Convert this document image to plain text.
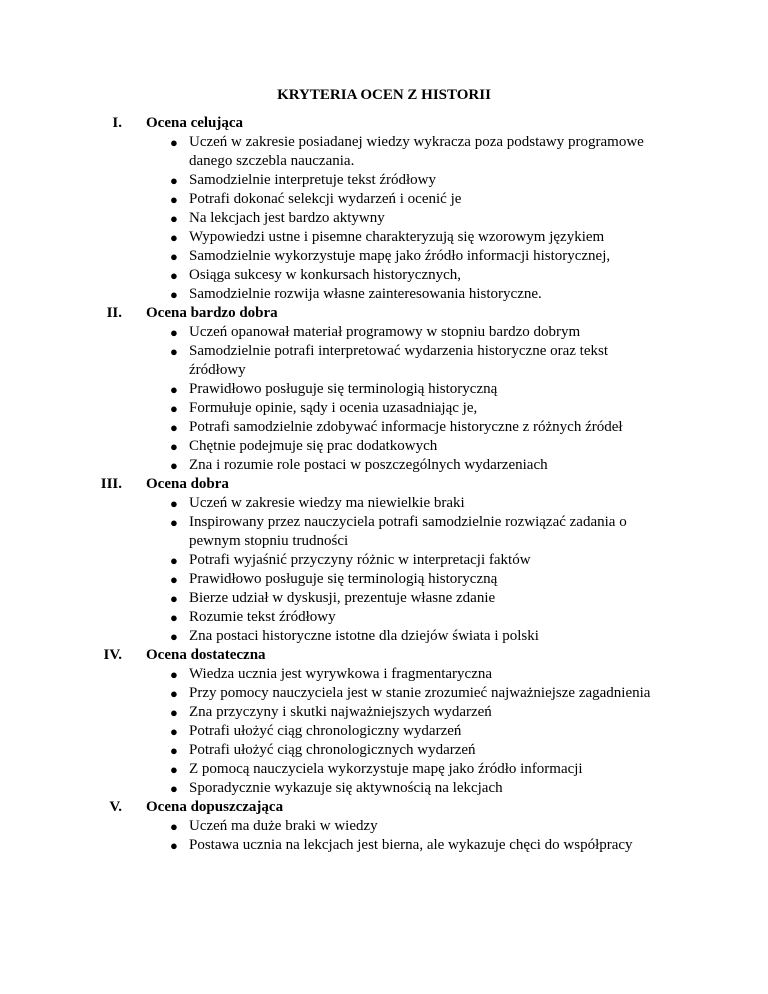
KRYTERIA OCEN Z HISTORII
I. Ocena celująca
● Uczeń w zakresie posiadanej wiedzy wykracza poza podstawy programowe
danego szczebla nauczania.
● Samodzielnie interpretuje tekst źródłowy
● Potrafi dokonać selekcji wydarzeń i ocenić je
● Na lekcjach jest bardzo aktywny
● Wypowiedzi ustne i pisemne charakteryzują się wzorowym językiem
● Samodzielnie wykorzystuje mapę jako źródło informacji historycznej,
● Osiąga sukcesy w konkursach historycznych,
● Samodzielnie rozwija własne zainteresowania historyczne.
II. Ocena bardzo dobra
● Uczeń opanował materiał programowy w stopniu bardzo dobrym
● Samodzielnie potrafi interpretować wydarzenia historyczne oraz tekst
źródłowy
● Prawidłowo posługuje się terminologią historyczną
● Formułuje opinie, sądy i ocenia uzasadniając je,
● Potrafi samodzielnie zdobywać informacje historyczne z różnych źródeł
● Chętnie podejmuje się prac dodatkowych
● Zna i rozumie role postaci w poszczególnych wydarzeniach
III. Ocena dobra
● Uczeń w zakresie wiedzy ma niewielkie braki
● Inspirowany przez nauczyciela potrafi samodzielnie rozwiązać zadania o
pewnym stopniu trudności
● Potrafi wyjaśnić przyczyny różnic w interpretacji faktów
● Prawidłowo posługuje się terminologią historyczną
● Bierze udział w dyskusji, prezentuje własne zdanie
● Rozumie tekst źródłowy
● Zna postaci historyczne istotne dla dziejów świata i polski
IV. Ocena dostateczna
● Wiedza ucznia jest wyrywkowa i fragmentaryczna
● Przy pomocy nauczyciela jest w stanie zrozumieć najważniejsze zagadnienia
● Zna przyczyny i skutki najważniejszych wydarzeń
● Potrafi ułożyć ciąg chronologiczny wydarzeń
● Potrafi ułożyć ciąg chronologicznych wydarzeń
● Z pomocą nauczyciela wykorzystuje mapę jako źródło informacji
● Sporadycznie wykazuje się aktywnością na lekcjach
V. Ocena dopuszczająca
● Uczeń ma duże braki w wiedzy
● Postawa ucznia na lekcjach jest bierna, ale wykazuje chęci do współpracy
